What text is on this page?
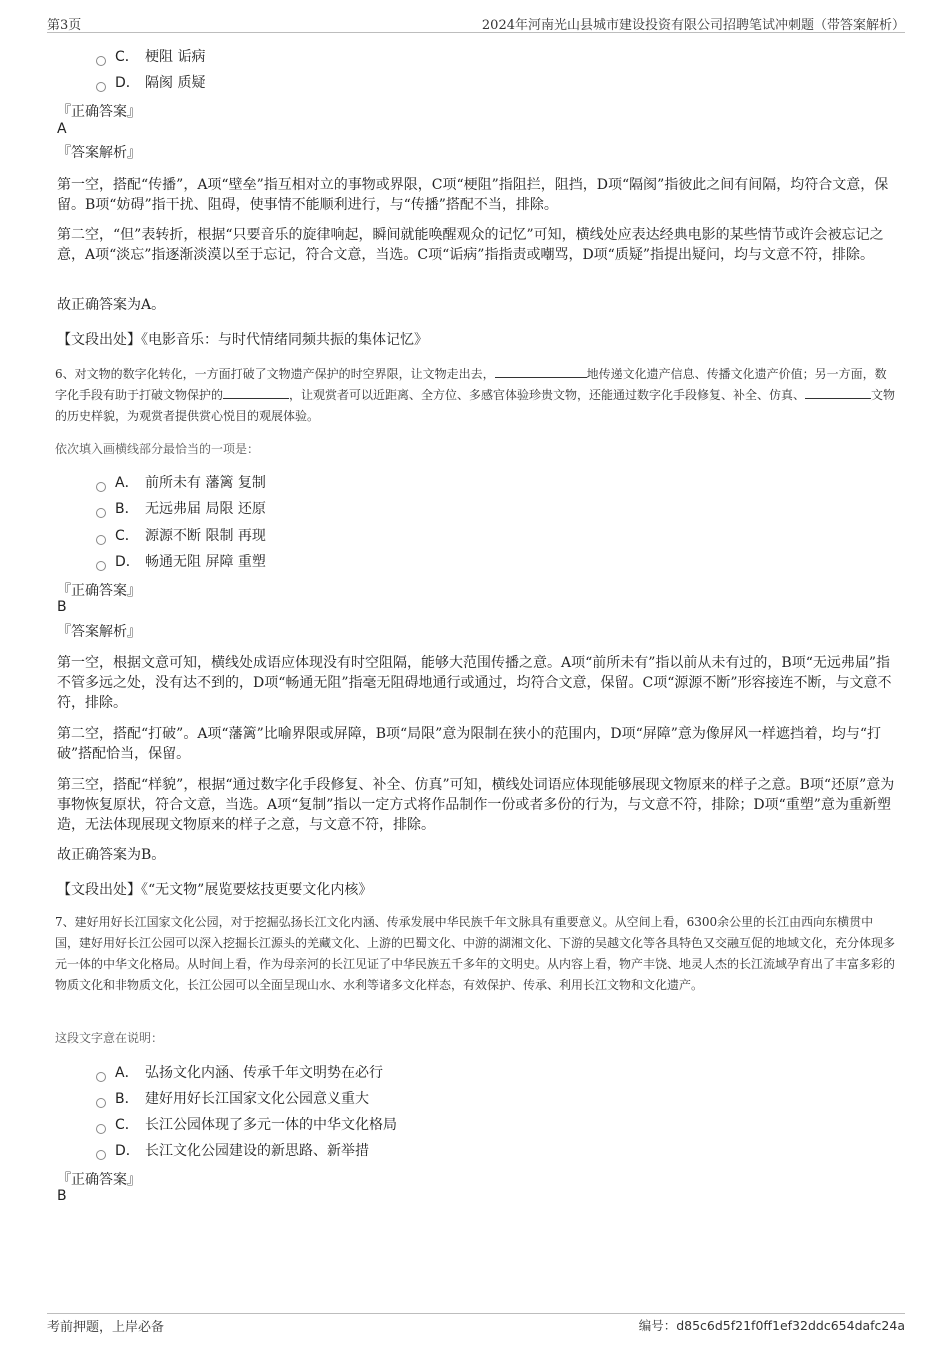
第3页	2024年河南光山县城市建设投资有限公司招聘笔试冲刺题（带答案解析）
C． 梗阻 诟病
D． 隔阂 质疑
『正确答案』
A
『答案解析』
第一空，搭配“传播”，A项“壁垒”指互相对立的事物或界限，C项“梗阻”指阻拦，阻挡，D项“隔阂”指彼此之间有间隔，均符合文意，保留。B项“妨碍”指干扰、阻碍，使事情不能顺利进行，与“传播”搭配不当，排除。
第二空，“但”表转折，根据“只要音乐的旋律响起，瞬间就能唤醒观众的记忆”可知，横线处应表达经典电影的某些情节或许会被忘记之意，A项“淡忘”指逐渐淡漠以至于忘记，符合文意，当选。C项“诟病”指指责或嘲骂，D项“质疑”指提出疑问，均与文意不符，排除。
故正确答案为A。
【文段出处】《电影音乐：与时代情绪同频共振的集体记忆》
6、对文物的数字化转化，一方面打破了文物遗产保护的时空界限，让文物走出去，	地传递文化遗产信息、传播文化遗产价值；另一方面，数字化手段有助于打破文物保护的	，让观赏者可以近距离、全方位、多感官体验珍贵文物，还能通过数字化手段修复、补全、仿真、	文物的历史样貌，为观赏者提供赏心悦目的观展体验。
依次填入画横线部分最恰当的一项是：
A． 前所未有 藩篱 复制
B． 无远弗届 局限 还原
C． 源源不断 限制 再现
D． 畅通无阻 屏障 重塑
『正确答案』
B
『答案解析』
第一空，根据文意可知，横线处成语应体现没有时空阻隔，能够大范围传播之意。A项“前所未有”指以前从未有过的，B项“无远弗届”指不管多远之处，没有达不到的，D项“畅通无阻”指毫无阻碍地通行或通过，均符合文意，保留。C项“源源不断”形容接连不断，与文意不符，排除。
第二空，搭配“打破”。A项“藩篱”比喻界限或屏障，B项“局限”意为限制在狭小的范围内，D项“屏障”意为像屏风一样遮挡着，均与“打破”搭配恰当，保留。
第三空，搭配“样貌”，根据“通过数字化手段修复、补全、仿真”可知，横线处词语应体现能够展现文物原来的样子之意。B项“还原”意为事物恢复原状，符合文意，当选。A项“复制”指以一定方式将作品制作一份或者多份的行为，与文意不符，排除；D项“重塑”意为重新塑造，无法体现展现文物原来的样子之意，与文意不符，排除。
故正确答案为B。
【文段出处】《“无文物”展览要炫技更要文化内核》
7、建好用好长江国家文化公园，对于挖掘弘扬长江文化内涵、传承发展中华民族千年文脉具有重要意义。从空间上看，6300余公里的长江由西向东横贯中国，建好用好长江公园可以深入挖掘长江源头的羌藏文化、上游的巴蜀文化、中游的湖湘文化、下游的吴越文化等各具特色又交融互促的地域文化，充分体现多元一体的中华文化格局。从时间上看，作为母亲河的长江见证了中华民族五千多年的文明史。从内容上看，物产丰饶、地灵人杰的长江流域孕育出了丰富多彩的物质文化和非物质文化，长江公园可以全面呈现山水、水利等诸多文化样态，有效保护、传承、利用长江文物和文化遗产。
这段文字意在说明：
A． 弘扬文化内涵、传承千年文明势在必行
B． 建好用好长江国家文化公园意义重大
C． 长江公园体现了多元一体的中华文化格局
D． 长江文化公园建设的新思路、新举措
『正确答案』
B
考前押题，上岸必备	编号：d85c6d5f21f0ff1ef32ddc654dafc24a
